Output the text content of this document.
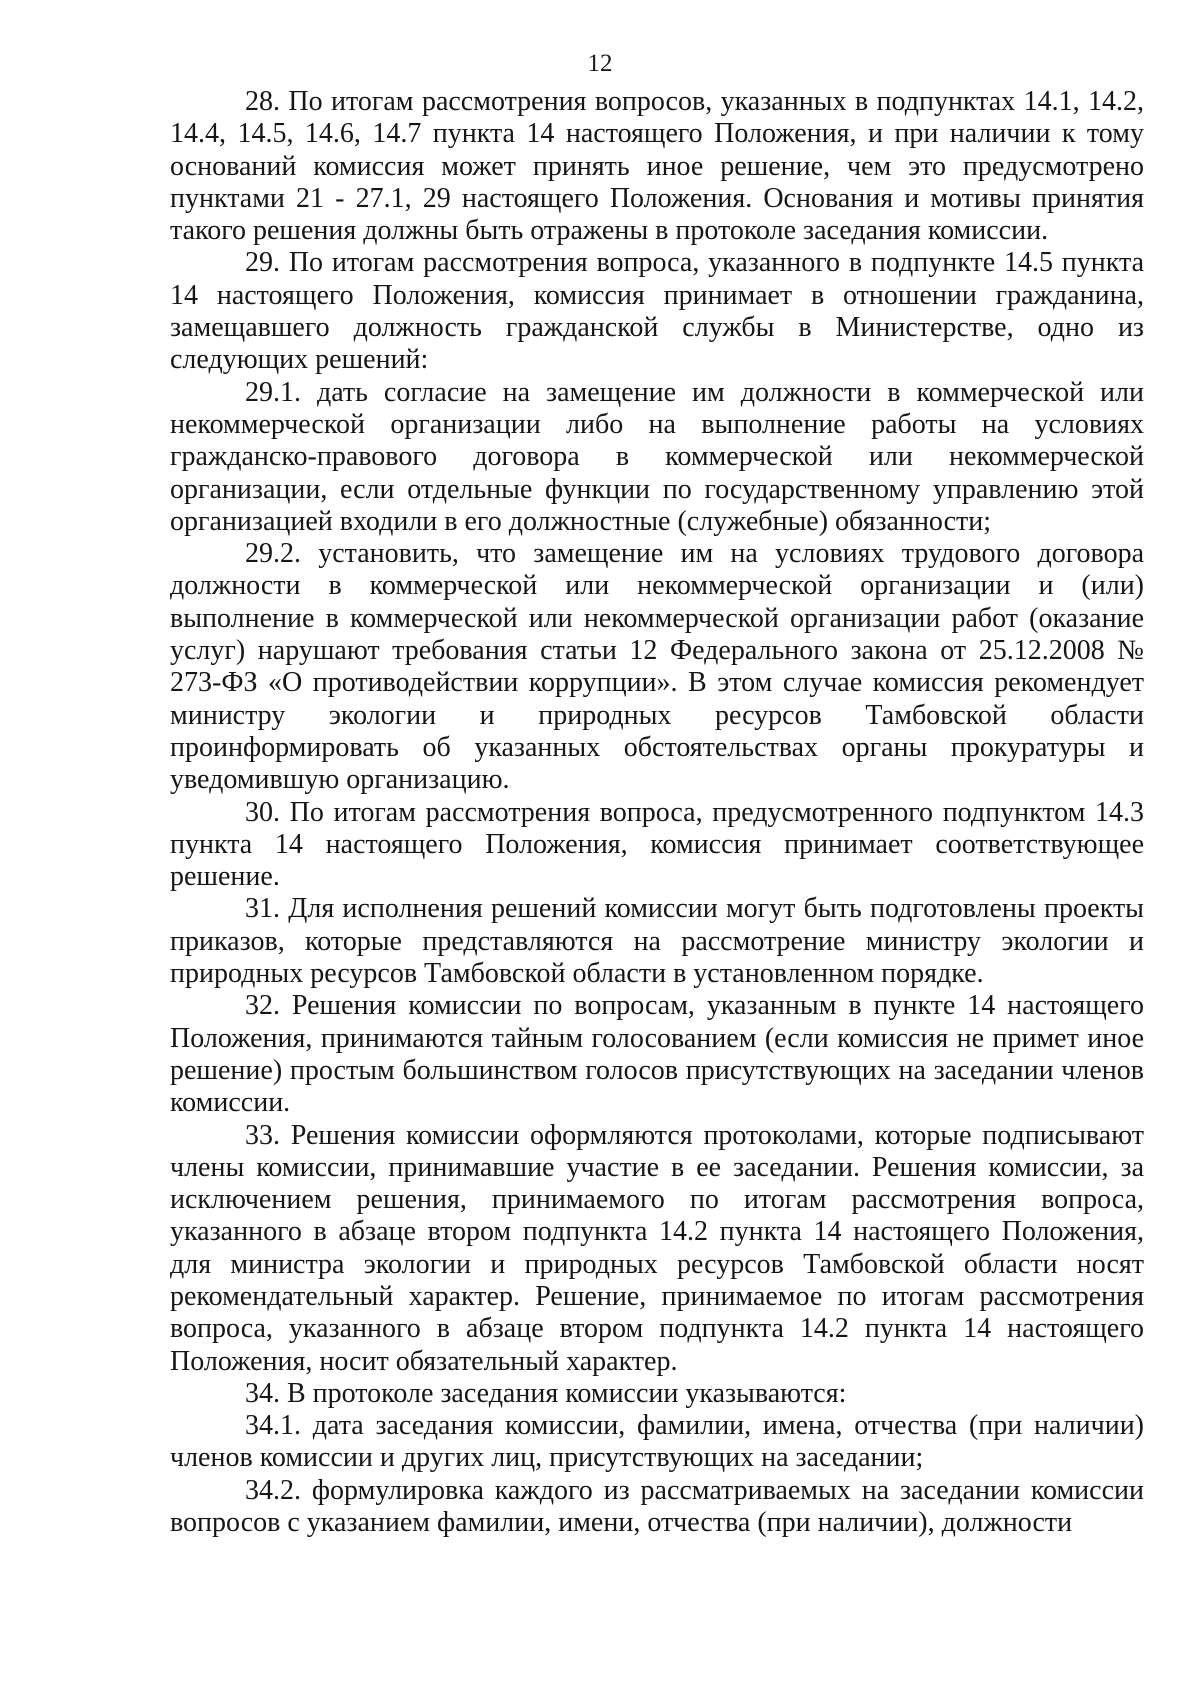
12

28. По итогам рассмотрения вопросов, указанных в подпунктах 14.1, 14.2, 14.4, 14.5, 14.6, 14.7 пункта 14 настоящего Положения, и при наличии к тому оснований комиссия может принять иное решение, чем это предусмотрено пунктами 21 - 27.1, 29 настоящего Положения. Основания и мотивы принятия такого решения должны быть отражены в протоколе заседания комиссии.

29. По итогам рассмотрения вопроса, указанного в подпункте 14.5 пункта 14 настоящего Положения, комиссия принимает в отношении гражданина, замещавшего должность гражданской службы в Министерстве, одно из следующих решений:

29.1. дать согласие на замещение им должности в коммерческой или некоммерческой организации либо на выполнение работы на условиях гражданско-правового договора в коммерческой или некоммерческой организации, если отдельные функции по государственному управлению этой организацией входили в его должностные (служебные) обязанности;

29.2. установить, что замещение им на условиях трудового договора должности в коммерческой или некоммерческой организации и (или) выполнение в коммерческой или некоммерческой организации работ (оказание услуг) нарушают требования статьи 12 Федерального закона от 25.12.2008 № 273-ФЗ «О противодействии коррупции». В этом случае комиссия рекомендует министру экологии и природных ресурсов Тамбовской области проинформировать об указанных обстоятельствах органы прокуратуры и уведомившую организацию.

30. По итогам рассмотрения вопроса, предусмотренного подпунктом 14.3 пункта 14 настоящего Положения, комиссия принимает соответствующее решение.

31. Для исполнения решений комиссии могут быть подготовлены проекты приказов, которые представляются на рассмотрение министру экологии и природных ресурсов Тамбовской области в установленном порядке.

32. Решения комиссии по вопросам, указанным в пункте 14 настоящего Положения, принимаются тайным голосованием (если комиссия не примет иное решение) простым большинством голосов присутствующих на заседании членов комиссии.

33. Решения комиссии оформляются протоколами, которые подписывают члены комиссии, принимавшие участие в ее заседании. Решения комиссии, за исключением решения, принимаемого по итогам рассмотрения вопроса, указанного в абзаце втором подпункта 14.2 пункта 14 настоящего Положения, для министра экологии и природных ресурсов Тамбовской области носят рекомендательный характер. Решение, принимаемое по итогам рассмотрения вопроса, указанного в абзаце втором подпункта 14.2 пункта 14 настоящего Положения, носит обязательный характер.

34. В протоколе заседания комиссии указываются:

34.1. дата заседания комиссии, фамилии, имена, отчества (при наличии) членов комиссии и других лиц, присутствующих на заседании;

34.2. формулировка каждого из рассматриваемых на заседании комиссии вопросов с указанием фамилии, имени, отчества (при наличии), должности
